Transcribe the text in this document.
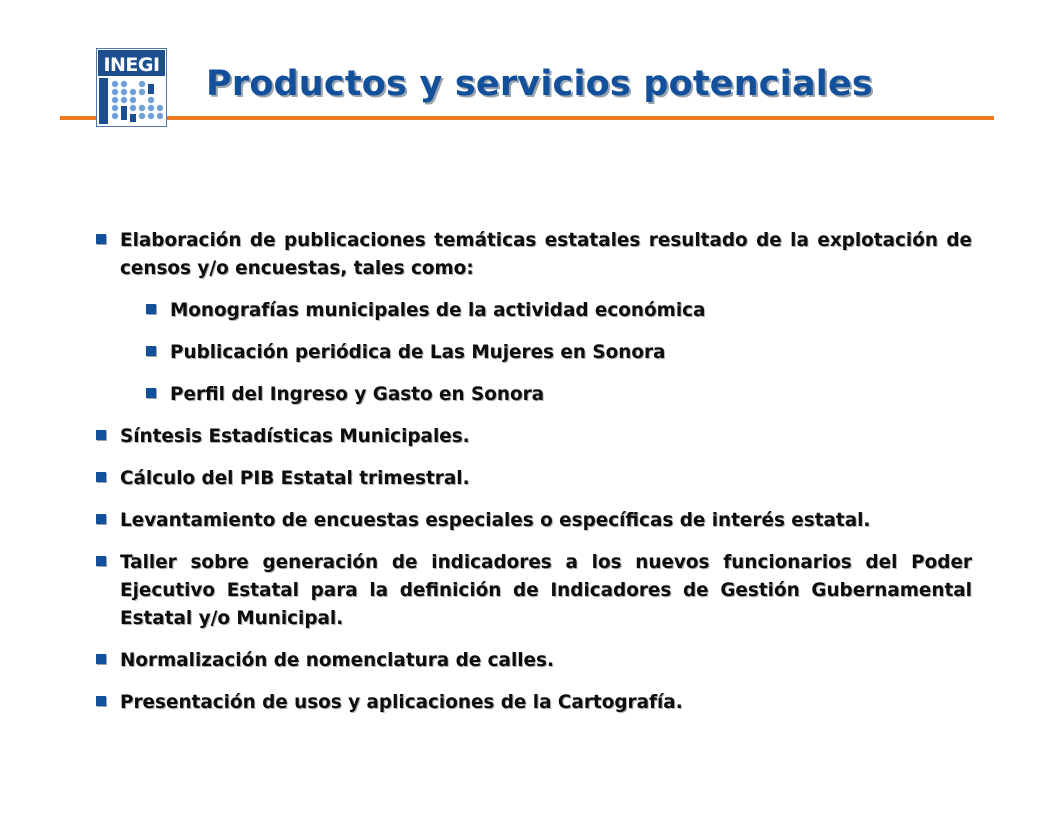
INEGI Productos y servicios potenciales
Elaboración de publicaciones temáticas estatales resultado de la explotación de censos y/o encuestas, tales como:
Monografías municipales de la actividad económica
Publicación periódica de Las Mujeres en Sonora
Perfil del Ingreso y Gasto en Sonora
Síntesis Estadísticas Municipales.
Cálculo del PIB Estatal trimestral.
Levantamiento de encuestas especiales o específicas de interés estatal.
Taller sobre generación de indicadores a los nuevos funcionarios del Poder Ejecutivo Estatal para la definición de Indicadores de Gestión Gubernamental Estatal y/o Municipal.
Normalización de nomenclatura de calles.
Presentación de usos y aplicaciones de la Cartografía.
